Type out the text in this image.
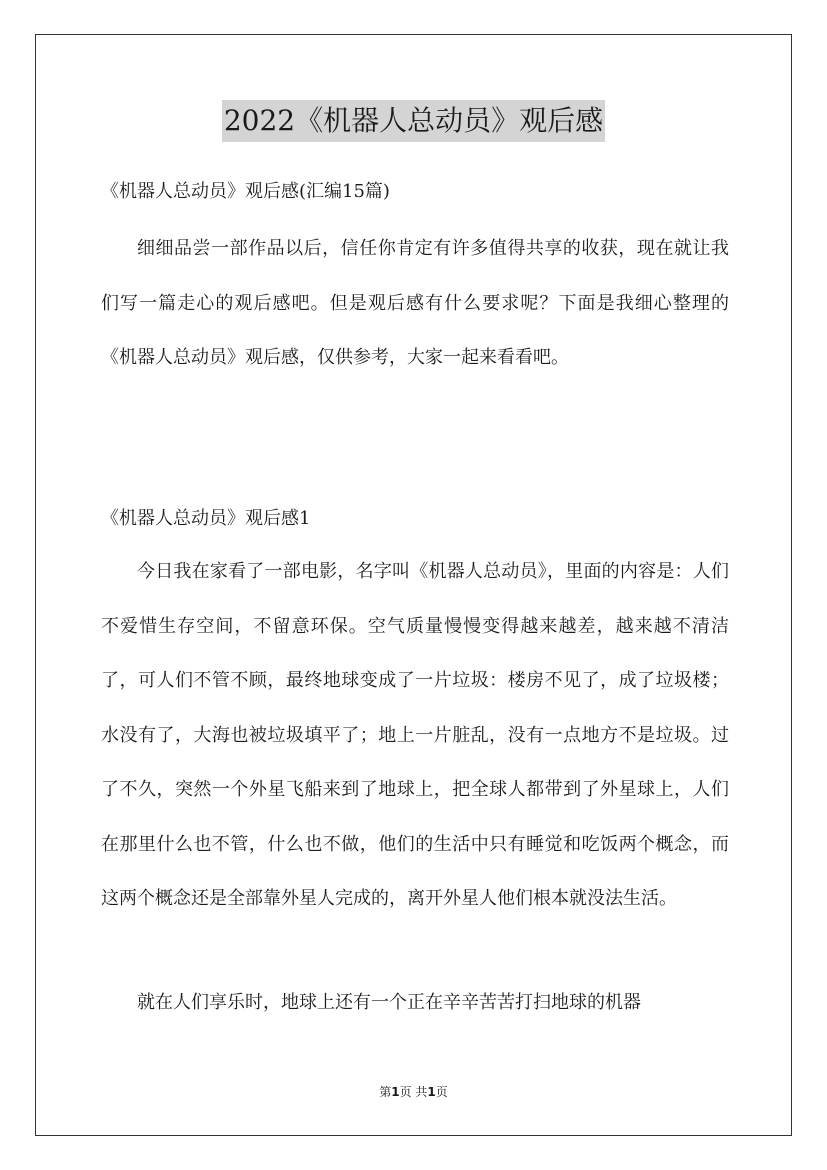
2022《机器人总动员》观后感

《机器人总动员》观后感(汇编15篇)

细细品尝一部作品以后，信任你肯定有许多值得共享的收获，现在就让我们写一篇走心的观后感吧。但是观后感有什么要求呢？下面是我细心整理的《机器人总动员》观后感，仅供参考，大家一起来看看吧。

《机器人总动员》观后感1

今日我在家看了一部电影，名字叫《机器人总动员》，里面的内容是：人们不爱惜生存空间，不留意环保。空气质量慢慢变得越来越差，越来越不清洁了，可人们不管不顾，最终地球变成了一片垃圾：楼房不见了，成了垃圾楼；水没有了，大海也被垃圾填平了；地上一片脏乱，没有一点地方不是垃圾。过了不久，突然一个外星飞船来到了地球上，把全球人都带到了外星球上，人们在那里什么也不管，什么也不做，他们的生活中只有睡觉和吃饭两个概念，而这两个概念还是全部靠外星人完成的，离开外星人他们根本就没法生活。

就在人们享乐时，地球上还有一个正在辛辛苦苦打扫地球的机器

第1页 共1页
